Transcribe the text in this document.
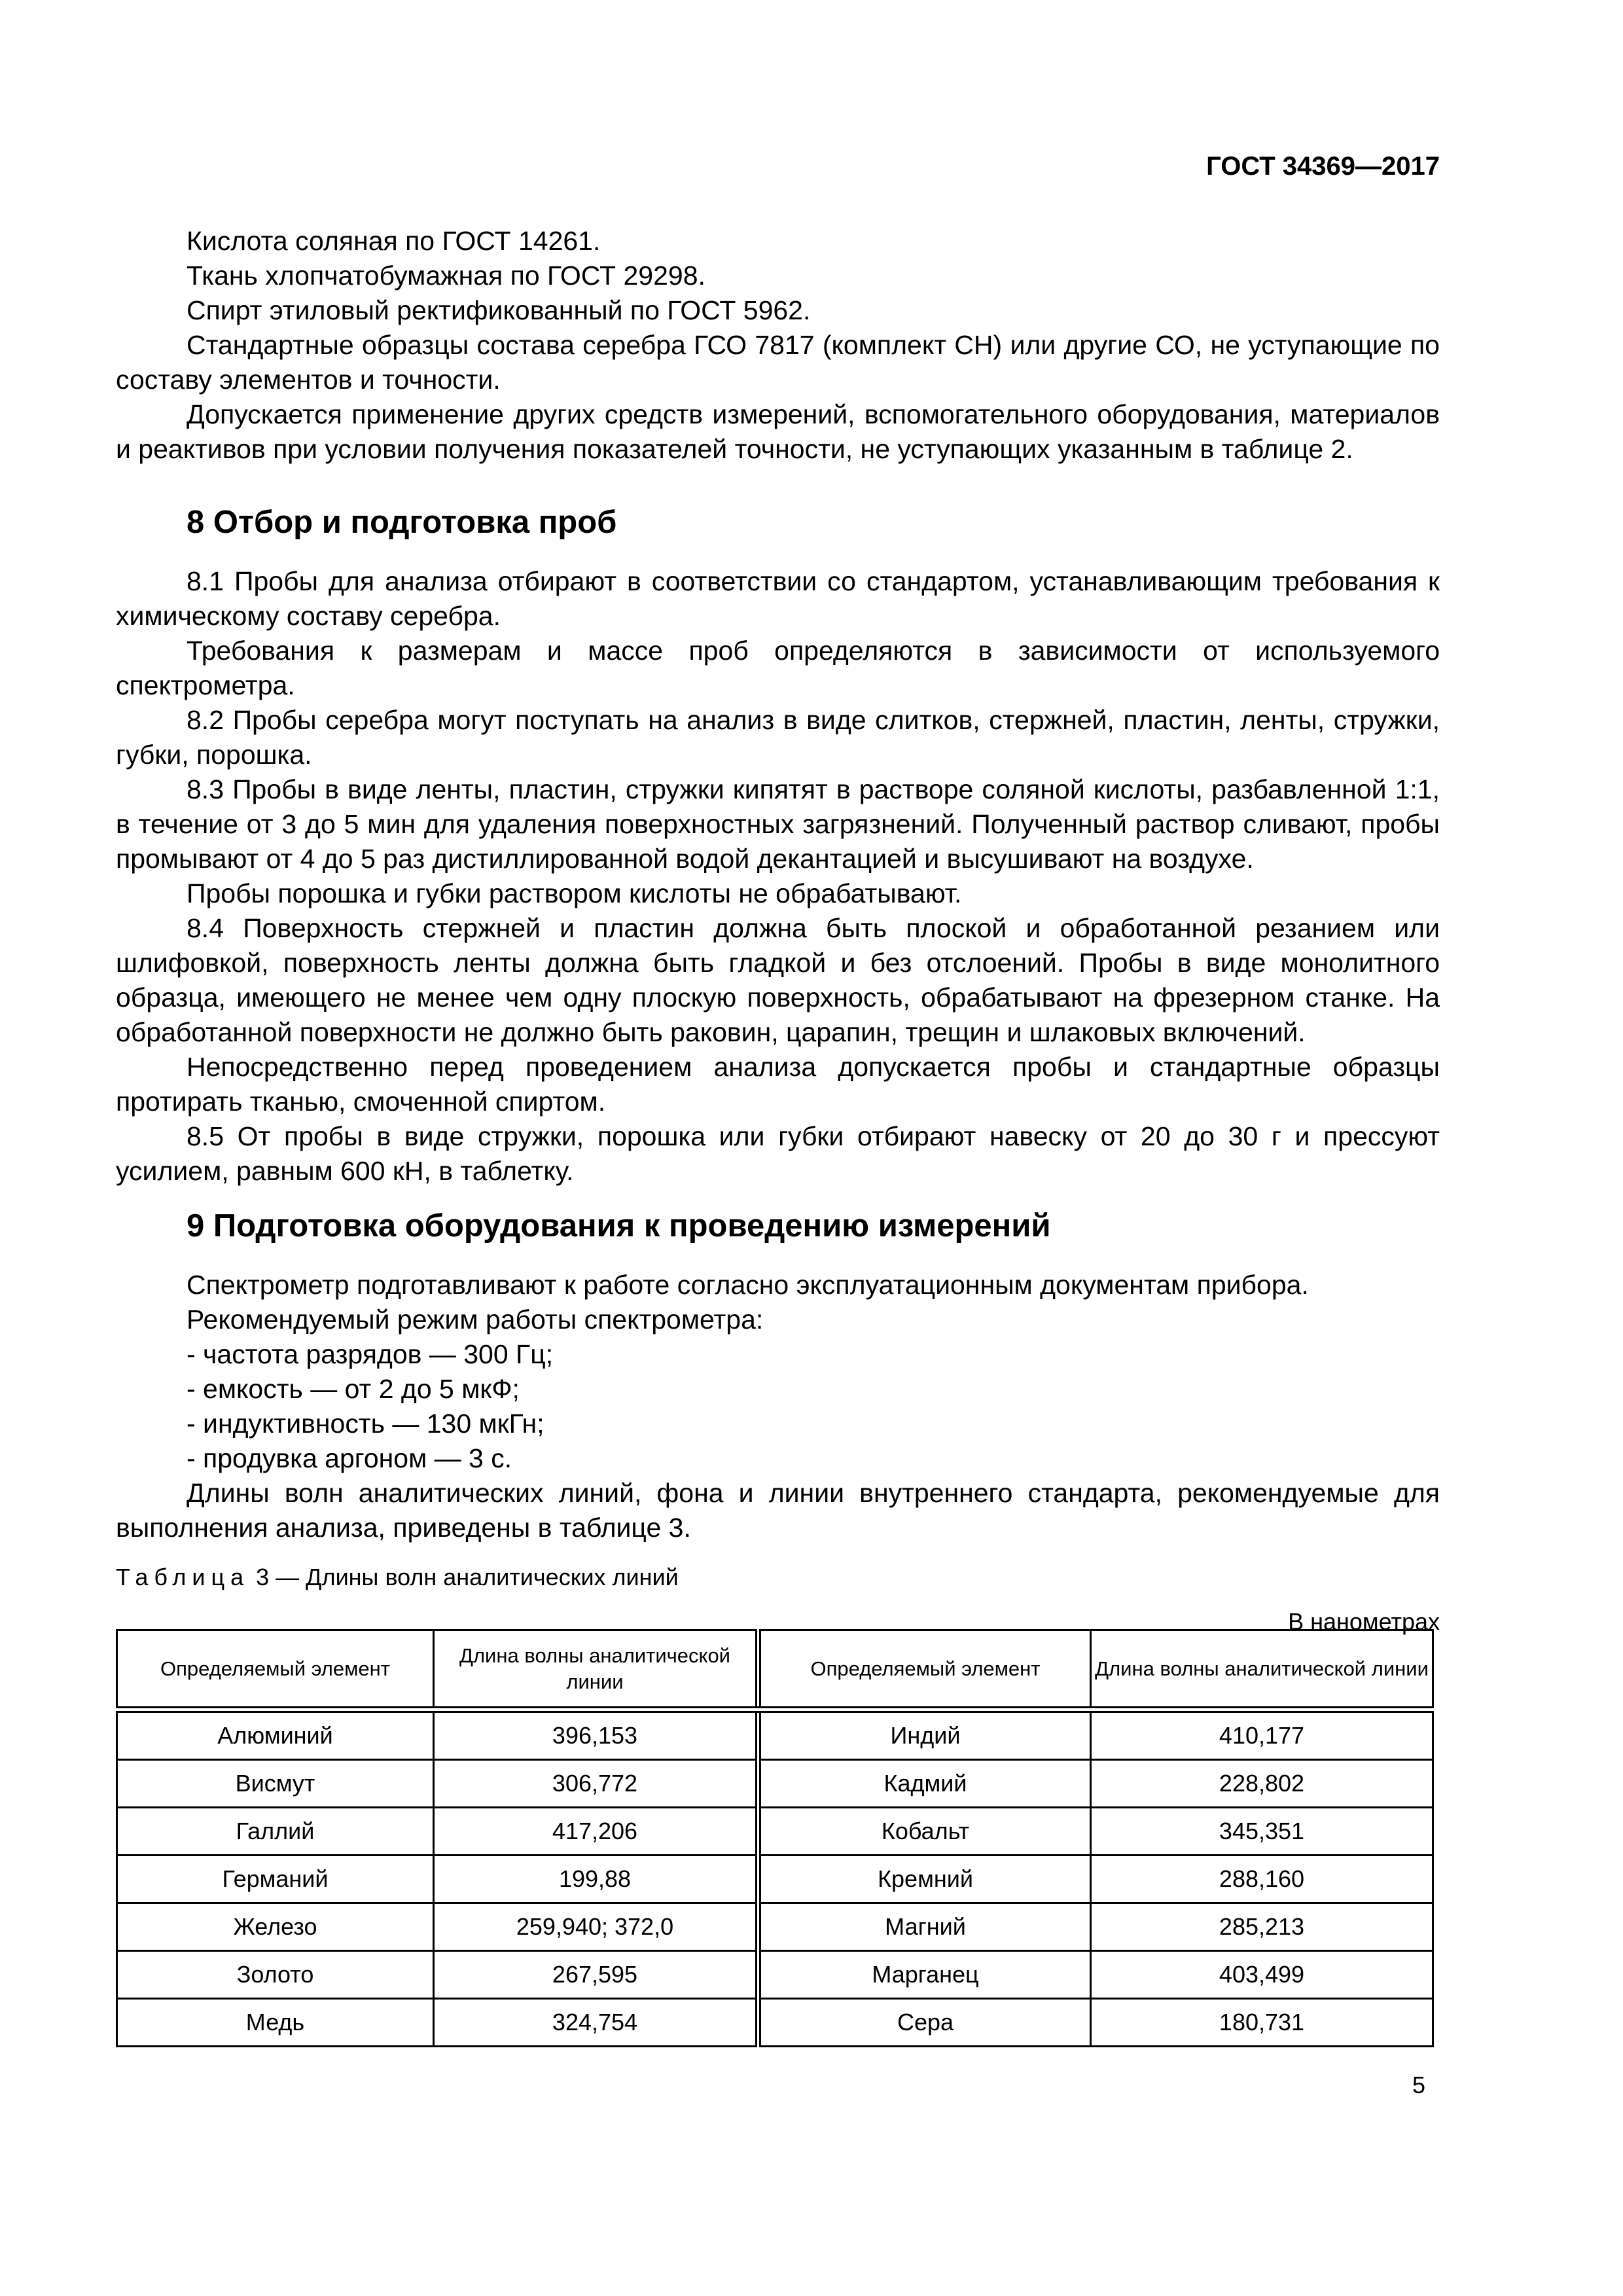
ГОСТ 34369—2017

Кислота соляная по ГОСТ 14261.

Ткань хлопчатобумажная по ГОСТ 29298.

Спирт этиловый ректификованный по ГОСТ 5962.

Стандартные образцы состава серебра ГСО 7817 (комплект СН) или другие СО, не уступающие по составу элементов и точности.

Допускается применение других средств измерений, вспомогательного оборудования, материалов и реактивов при условии получения показателей точности, не уступающих указанным в таблице 2.

8 Отбор и подготовка проб

8.1 Пробы для анализа отбирают в соответствии со стандартом, устанавливающим требования к химическому составу серебра.

Требования к размерам и массе проб определяются в зависимости от используемого спектрометра.

8.2 Пробы серебра могут поступать на анализ в виде слитков, стержней, пластин, ленты, стружки, губки, порошка.

8.3 Пробы в виде ленты, пластин, стружки кипятят в растворе соляной кислоты, разбавленной 1:1, в течение от 3 до 5 мин для удаления поверхностных загрязнений. Полученный раствор сливают, пробы промывают от 4 до 5 раз дистиллированной водой декантацией и высушивают на воздухе.

Пробы порошка и губки раствором кислоты не обрабатывают.

8.4 Поверхность стержней и пластин должна быть плоской и обработанной резанием или шлифовкой, поверхность ленты должна быть гладкой и без отслоений. Пробы в виде монолитного образца, имеющего не менее чем одну плоскую поверхность, обрабатывают на фрезерном станке. На обработанной поверхности не должно быть раковин, царапин, трещин и шлаковых включений.

Непосредственно перед проведением анализа допускается пробы и стандартные образцы протирать тканью, смоченной спиртом.

8.5 От пробы в виде стружки, порошка или губки отбирают навеску от 20 до 30 г и прессуют усилием, равным 600 кН, в таблетку.

9 Подготовка оборудования к проведению измерений

Спектрометр подготавливают к работе согласно эксплуатационным документам прибора.

Рекомендуемый режим работы спектрометра:

- частота разрядов — 300 Гц;

- емкость — от 2 до 5 мкФ;

- индуктивность — 130 мкГн;

- продувка аргоном — 3 с.

Длины волн аналитических линий, фона и линии внутреннего стандарта, рекомендуемые для выполнения анализа, приведены в таблице 3.

Таблица 3 — Длины волн аналитических линий
В нанометрах
Определяемый элемент	Длина волны аналитической линии	Определяемый элемент	Длина волны аналитической линии
Алюминий	396,153	Индий	410,177
Висмут	306,772	Кадмий	228,802
Галлий	417,206	Кобальт	345,351
Германий	199,88	Кремний	288,160
Железо	259,940; 372,0	Магний	285,213
Золото	267,595	Марганец	403,499
Медь	324,754	Сера	180,731
5
